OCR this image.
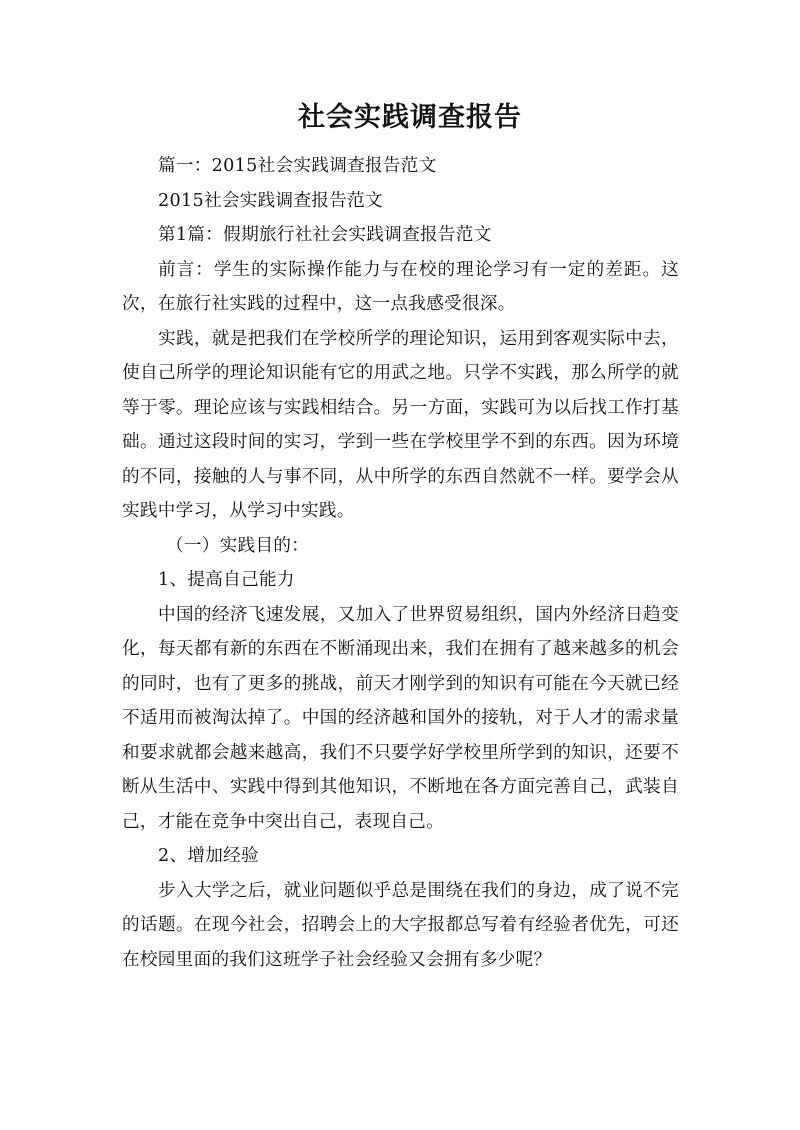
社会实践调查报告

篇一：2015社会实践调查报告范文

2015社会实践调查报告范文

第1篇：假期旅行社社会实践调查报告范文

前言：学生的实际操作能力与在校的理论学习有一定的差距。这次，在旅行社实践的过程中，这一点我感受很深。

实践，就是把我们在学校所学的理论知识，运用到客观实际中去，使自己所学的理论知识能有它的用武之地。只学不实践，那么所学的就等于零。理论应该与实践相结合。另一方面，实践可为以后找工作打基础。通过这段时间的实习，学到一些在学校里学不到的东西。因为环境的不同，接触的人与事不同，从中所学的东西自然就不一样。要学会从实践中学习，从学习中实践。

（一）实践目的：

1、提高自己能力

中国的经济飞速发展，又加入了世界贸易组织，国内外经济日趋变化，每天都有新的东西在不断涌现出来，我们在拥有了越来越多的机会的同时，也有了更多的挑战，前天才刚学到的知识有可能在今天就已经不适用而被淘汰掉了。中国的经济越和国外的接轨，对于人才的需求量和要求就都会越来越高，我们不只要学好学校里所学到的知识，还要不断从生活中、实践中得到其他知识，不断地在各方面完善自己，武装自己，才能在竞争中突出自己，表现自己。

2、增加经验

步入大学之后，就业问题似乎总是围绕在我们的身边，成了说不完的话题。在现今社会，招聘会上的大字报都总写着有经验者优先，可还在校园里面的我们这班学子社会经验又会拥有多少呢？
